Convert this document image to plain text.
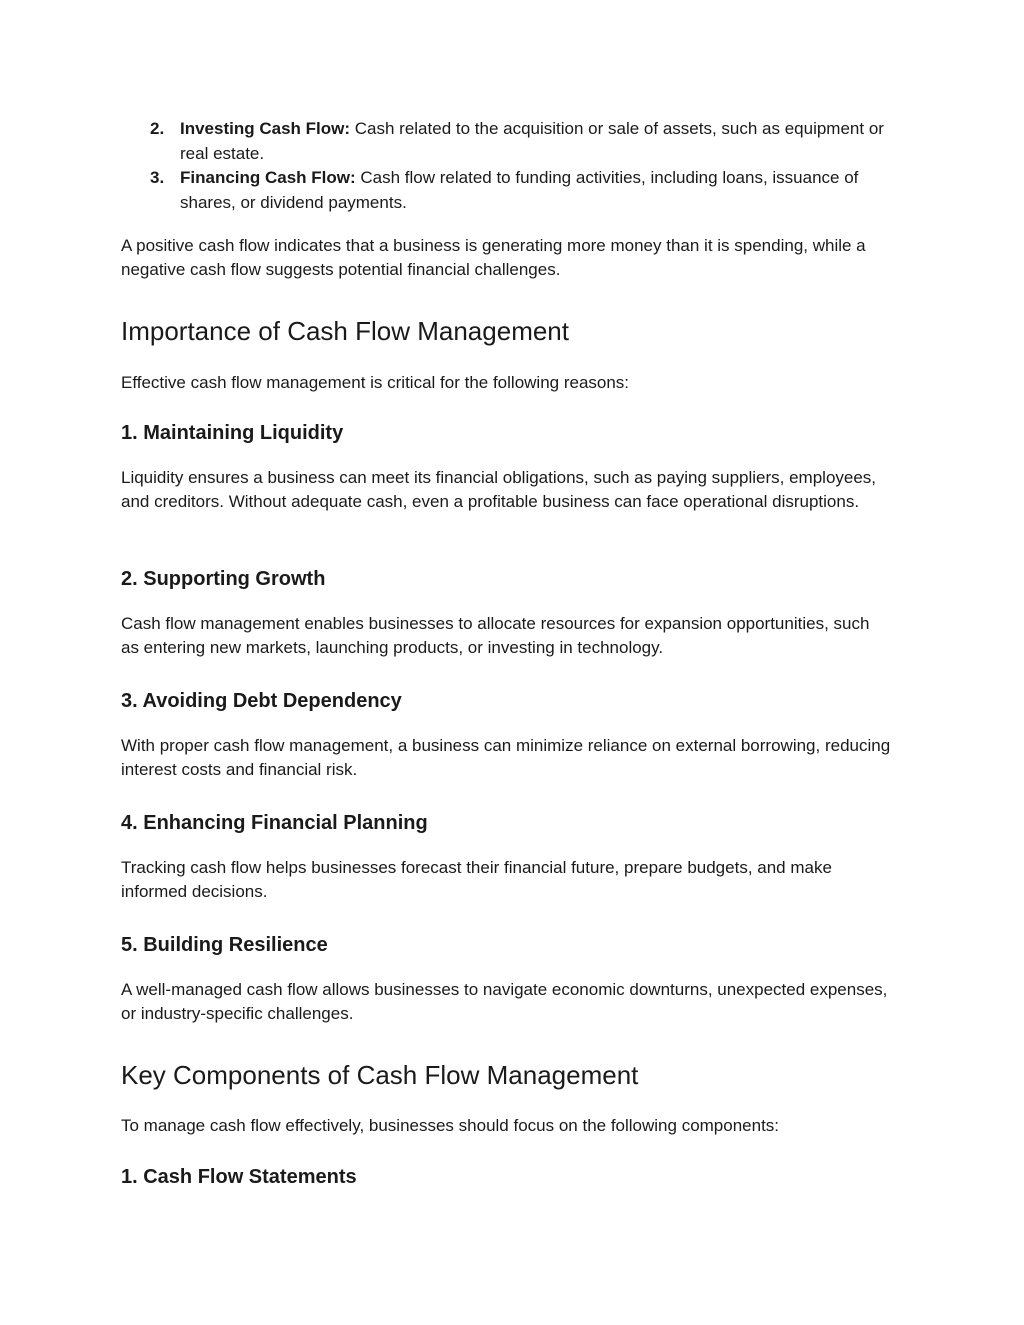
2. Investing Cash Flow: Cash related to the acquisition or sale of assets, such as equipment or real estate.
3. Financing Cash Flow: Cash flow related to funding activities, including loans, issuance of shares, or dividend payments.

A positive cash flow indicates that a business is generating more money than it is spending, while a negative cash flow suggests potential financial challenges.

Importance of Cash Flow Management

Effective cash flow management is critical for the following reasons:

1. Maintaining Liquidity

Liquidity ensures a business can meet its financial obligations, such as paying suppliers, employees, and creditors. Without adequate cash, even a profitable business can face operational disruptions.

2. Supporting Growth

Cash flow management enables businesses to allocate resources for expansion opportunities, such as entering new markets, launching products, or investing in technology.

3. Avoiding Debt Dependency

With proper cash flow management, a business can minimize reliance on external borrowing, reducing interest costs and financial risk.

4. Enhancing Financial Planning

Tracking cash flow helps businesses forecast their financial future, prepare budgets, and make informed decisions.

5. Building Resilience

A well-managed cash flow allows businesses to navigate economic downturns, unexpected expenses, or industry-specific challenges.

Key Components of Cash Flow Management

To manage cash flow effectively, businesses should focus on the following components:

1. Cash Flow Statements
